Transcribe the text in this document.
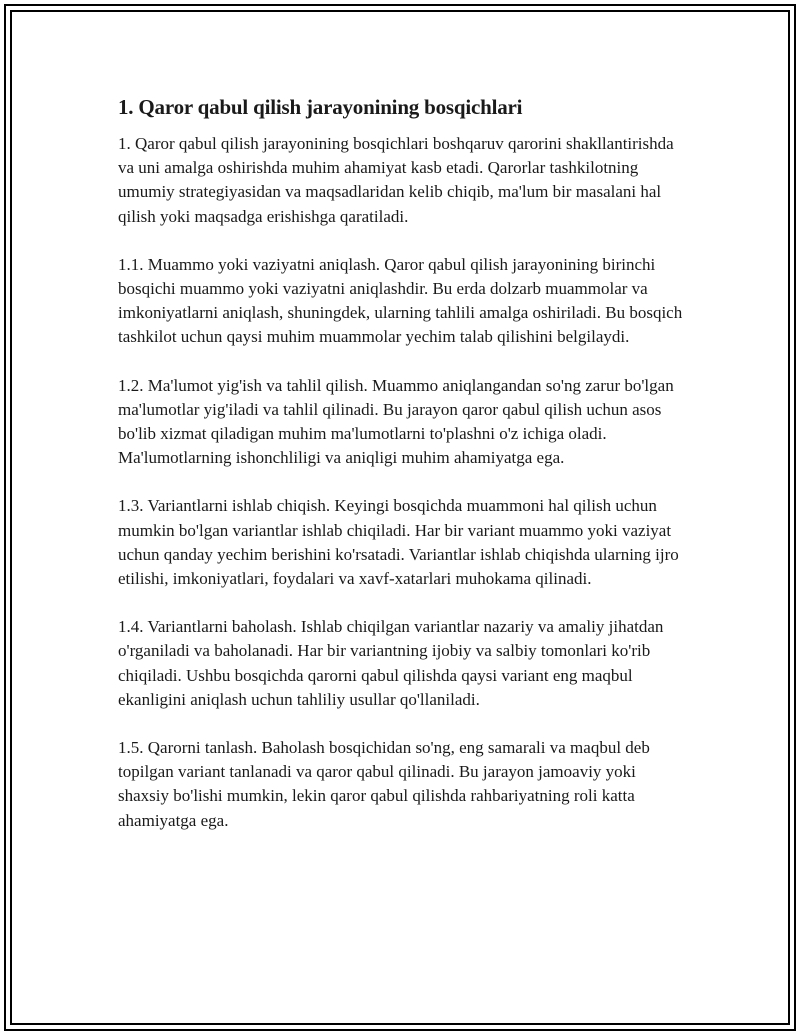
1. Qaror qabul qilish jarayonining bosqichlari

1. Qaror qabul qilish jarayonining bosqichlari boshqaruv qarorini shakllantirishda va uni amalga oshirishda muhim ahamiyat kasb etadi. Qarorlar tashkilotning umumiy strategiyasidan va maqsadlaridan kelib chiqib, ma'lum bir masalani hal qilish yoki maqsadga erishishga qaratiladi.

1.1. Muammo yoki vaziyatni aniqlash. Qaror qabul qilish jarayonining birinchi bosqichi muammo yoki vaziyatni aniqlashdir. Bu erda dolzarb muammolar va imkoniyatlarni aniqlash, shuningdek, ularning tahlili amalga oshiriladi. Bu bosqich tashkilot uchun qaysi muhim muammolar yechim talab qilishini belgilaydi.

1.2. Ma'lumot yig'ish va tahlil qilish. Muammo aniqlangandan so'ng zarur bo'lgan ma'lumotlar yig'iladi va tahlil qilinadi. Bu jarayon qaror qabul qilish uchun asos bo'lib xizmat qiladigan muhim ma'lumotlarni to'plashni o'z ichiga oladi. Ma'lumotlarning ishonchliligi va aniqligi muhim ahamiyatga ega.

1.3. Variantlarni ishlab chiqish. Keyingi bosqichda muammoni hal qilish uchun mumkin bo'lgan variantlar ishlab chiqiladi. Har bir variant muammo yoki vaziyat uchun qanday yechim berishini ko'rsatadi. Variantlar ishlab chiqishda ularning ijro etilishi, imkoniyatlari, foydalari va xavf-xatarlari muhokama qilinadi.

1.4. Variantlarni baholash. Ishlab chiqilgan variantlar nazariy va amaliy jihatdan o'rganiladi va baholanadi. Har bir variantning ijobiy va salbiy tomonlari ko'rib chiqiladi. Ushbu bosqichda qarorni qabul qilishda qaysi variant eng maqbul ekanligini aniqlash uchun tahliliy usullar qo'llaniladi.

1.5. Qarorni tanlash. Baholash bosqichidan so'ng, eng samarali va maqbul deb topilgan variant tanlanadi va qaror qabul qilinadi. Bu jarayon jamoaviy yoki shaxsiy bo'lishi mumkin, lekin qaror qabul qilishda rahbariyatning roli katta ahamiyatga ega.
